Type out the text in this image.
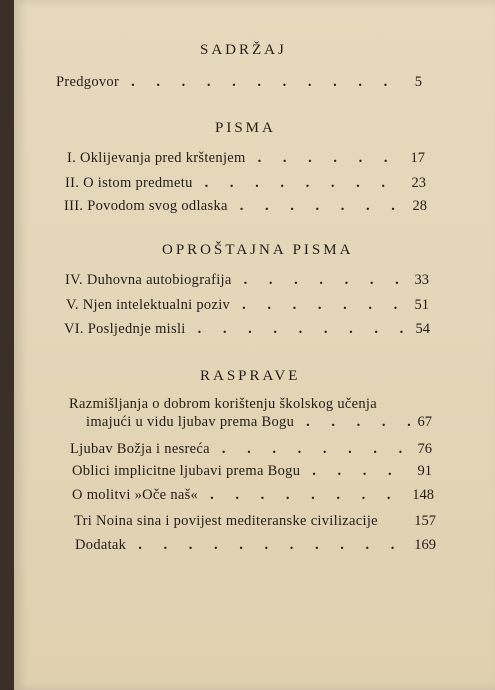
SADRŽAJ
Predgovor . . .	5
PISMA
I. Oklijevanja pred krštenjem . . .	17
II. O istom predmetu . . .	23
III. Povodom svog odlaska . . .	28
OPROŠTAJNA PISMA
IV. Duhovna autobiografija . . .	33
V. Njen intelektualni poziv . . .	51
VI. Posljednje misli . . .	54
RASPRAVE
Razmišljanja o dobrom korištenju školskog učenja
imajući u vidu ljubav prema Bogu . . .	67
Ljubav Božja i nesreća . . .	76
Oblici implicitne ljubavi prema Bogu . . .	91
O molitvi »Oče naš« . . .	148
Tri Noina sina i povijest mediteranske civilizacije	157
Dodatak . . .	169
